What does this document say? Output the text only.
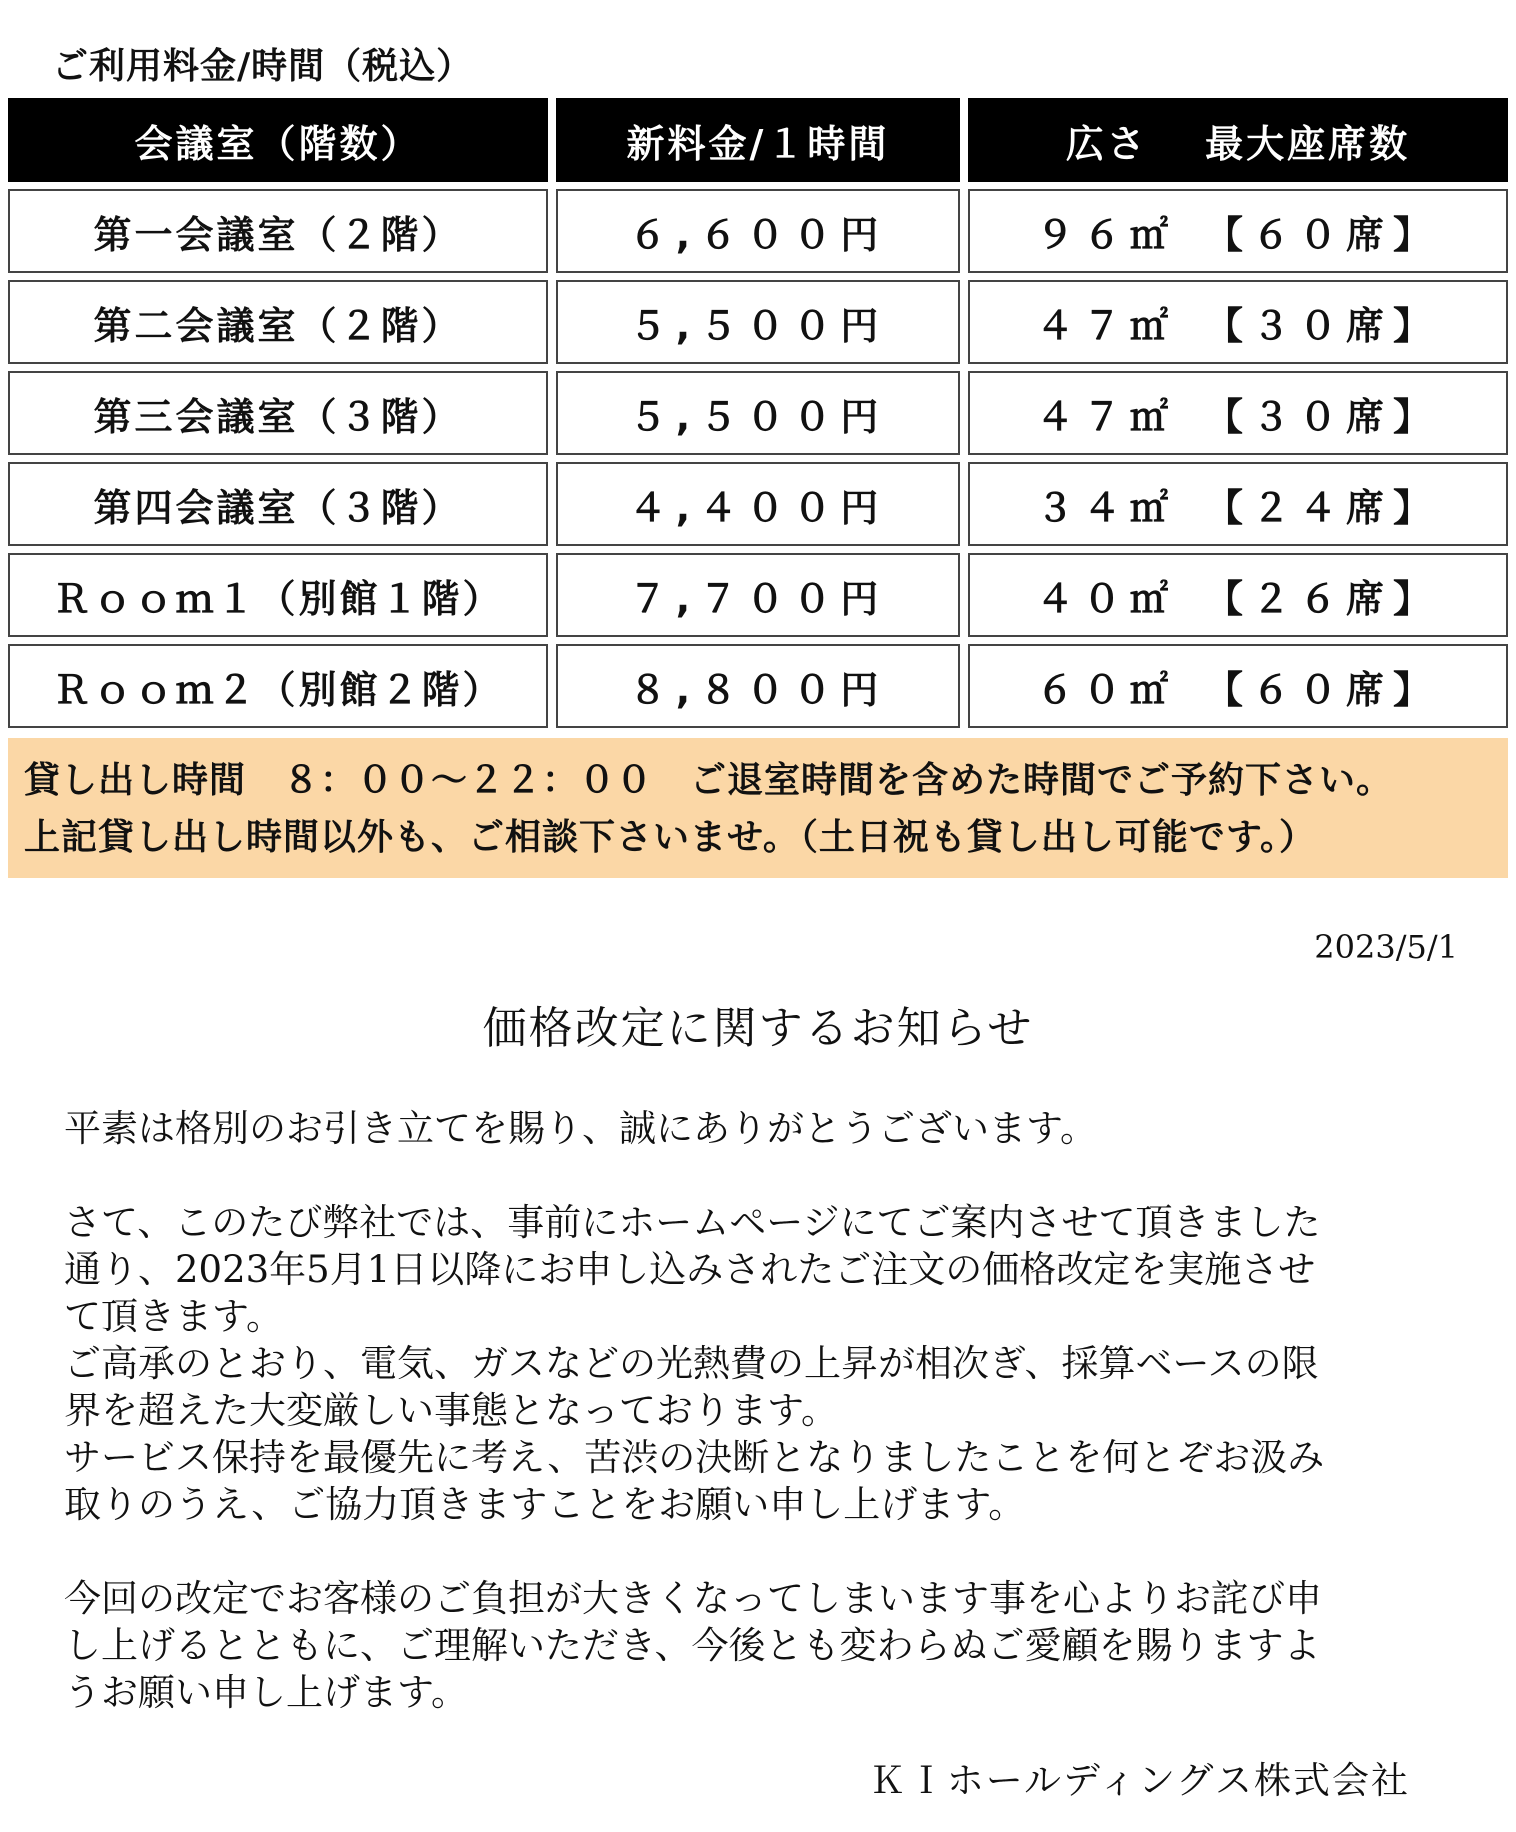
ご利用料金/時間（税込）
会議室（階数）	新料金/１時間	広さ　 最大座席数
第一会議室（２階）	６,６００円	９６㎡　【６０席】
第二会議室（２階）	５,５００円	４７㎡　【３０席】
第三会議室（３階）	５,５００円	４７㎡　【３０席】
第四会議室（３階）	４,４００円	３４㎡　【２４席】
Ｒｏｏｍ１（別館１階）	７,７００円	４０㎡　【２６席】
Ｒｏｏｍ２（別館２階）	８,８００円	６０㎡　【６０席】
貸し出し時間　８：００～２２：００　ご退室時間を含めた時間でご予約下さい。
上記貸し出し時間以外も、ご相談下さいませ。（土日祝も貸し出し可能です。）
2023/5/1
価格改定に関するお知らせ

平素は格別のお引き立てを賜り、誠にありがとうございます。

さて、このたび弊社では、事前にホームページにてご案内させて頂きました

通り、2023年5月1日以降にお申し込みされたご注文の価格改定を実施させ

て頂きます。

ご高承のとおり、電気、ガスなどの光熱費の上昇が相次ぎ、採算ベースの限

界を超えた大変厳しい事態となっております。

サービス保持を最優先に考え、苦渋の決断となりましたことを何とぞお汲み

取りのうえ、ご協力頂きますことをお願い申し上げます。

今回の改定でお客様のご負担が大きくなってしまいます事を心よりお詫び申

し上げるとともに、ご理解いただき、今後とも変わらぬご愛顧を賜りますよ

うお願い申し上げます。

ＫＩホールディングス株式会社
